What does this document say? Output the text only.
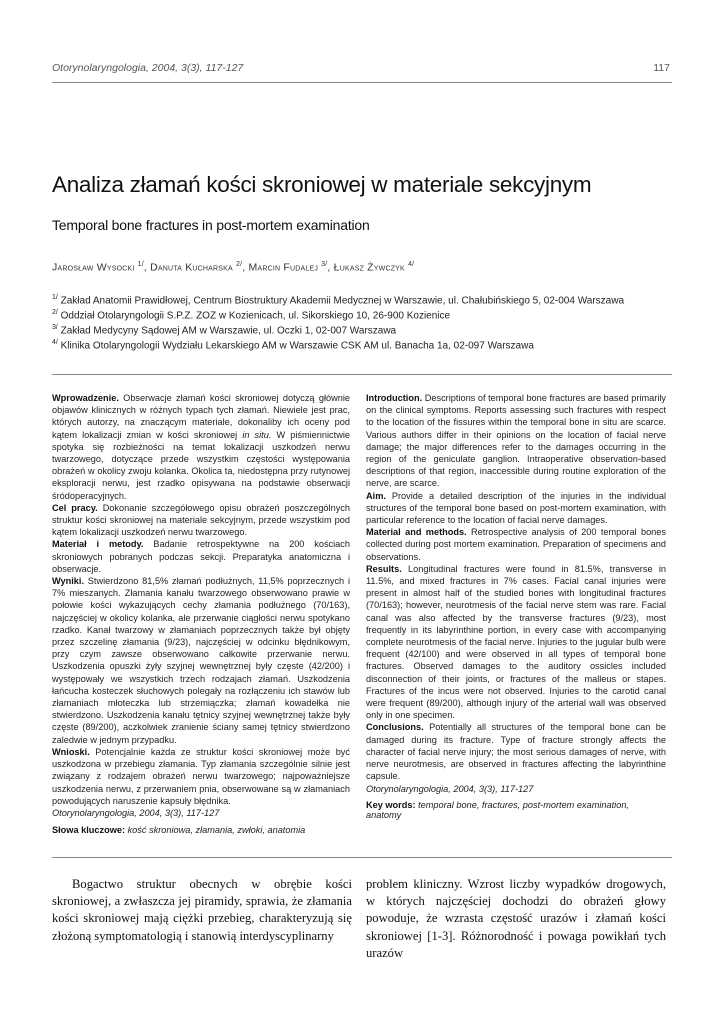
Otorynolaryngologia, 2004, 3(3), 117-127	117
Analiza złamań kości skroniowej w materiale sekcyjnym
Temporal bone fractures in post-mortem examination
Jarosław Wysocki $^{1/}$, Danuta Kucharska $^{2/}$, Marcin Fudalej $^{3/}$, Łukasz Żywczyk $^{4/}$
$^{1/}$ Zakład Anatomii Prawidłowej, Centrum Biostruktury Akademii Medycznej w Warszawie, ul. Chałubińskiego 5, 02-004 Warszawa
$^{2/}$ Oddział Otolaryngologii S.P.Z. ZOZ w Kozienicach, ul. Sikorskiego 10, 26-900 Kozienice
$^{3/}$ Zakład Medycyny Sądowej AM w Warszawie, ul. Oczki 1, 02-007 Warszawa
$^{4/}$ Klinika Otolaryngologii Wydziału Lekarskiego AM w Warszawie CSK AM ul. Banacha 1a, 02-097 Warszawa

Wprowadzenie. Obserwacje złamań kości skroniowej dotyczą głównie objawów klinicznych w różnych typach tych złamań. Niewiele jest prac, których autorzy, na znaczącym materiale, dokonaliby ich oceny pod kątem lokalizacji zmian w kości skroniowej in situ. W piśmiennictwie spotyka się rozbieżności na temat lokalizacji uszkodzeń nerwu twarzowego, dotyczące przede wszystkim częstości występowania obrażeń w okolicy zwoju kolanka. Okolica ta, niedostępna przy rutynowej eksploracji nerwu, jest rzadko opisywana na podstawie obserwacji śródoperacyjnych.

Cel pracy. Dokonanie szczegółowego opisu obrażeń poszczególnych struktur kości skroniowej na materiale sekcyjnym, przede wszystkim pod kątem lokalizacji uszkodzeń nerwu twarzowego.

Materiał i metody. Badanie retrospektywne na 200 kościach skroniowych pobranych podczas sekcji. Preparatyka anatomiczna i obserwacje.

Wyniki. Stwierdzono 81,5% złamań podłużnych, 11,5% poprzecznych i 7% mieszanych. Złamania kanału twarzowego obserwowano prawie w połowie kości wykazujących cechy złamania podłużnego (70/163), najczęściej w okolicy kolanka, ale przerwanie ciągłości nerwu spotykano rzadko. Kanał twarzowy w złamaniach poprzecznych także był objęty przez szczelinę złamania (9/23), najczęściej w odcinku błędnikowym, przy czym zawsze obserwowano całkowite przerwanie nerwu. Uszkodzenia opuszki żyły szyjnej wewnętrznej były częste (42/200) i występowały we wszystkich trzech rodzajach złamań. Uszkodzenia łańcucha kosteczek słuchowych polegały na rozłączeniu ich stawów lub złamaniach młoteczka lub strzemiączka; złamań kowadełka nie stwierdzono. Uszkodzenia kanału tętnicy szyjnej wewnętrznej także były częste (89/200), aczkolwiek zranienie ściany samej tętnicy stwierdzono zaledwie w jednym przypadku.

Wnioski. Potencjalnie każda ze struktur kości skroniowej może być uszkodzona w przebiegu złamania. Typ złamania szczególnie silnie jest związany z rodzajem obrażeń nerwu twarzowego; najpoważniejsze uszkodzenia nerwu, z przerwaniem pnia, obserwowane są w złamaniach powodujących naruszenie kapsuły błędnika.

Otorynolaryngologia, 2004, 3(3), 117-127

Słowa kluczowe: kość skroniowa, złamania, zwłoki, anatomia

Introduction. Descriptions of temporal bone fractures are based primarily on the clinical symptoms. Reports assessing such fractures with respect to the location of the fissures within the temporal bone in situ are scarce. Various authors differ in their opinions on the location of facial nerve damage; the major differences refer to the damages occurring in the region of the geniculate ganglion. Intraoperative observation-based descriptions of that region, inaccessible during routine exploration of the nerve, are scarce.

Aim. Provide a detailed description of the injuries in the individual structures of the temporal bone based on post-mortem examination, with particular reference to the location of facial nerve damages.

Material and methods. Retrospective analysis of 200 temporal bones collected during post mortem examination. Preparation of specimens and observations.

Results. Longitudinal fractures were found in 81.5%, transverse in 11.5%, and mixed fractures in 7% cases. Facial canal injuries were present in almost half of the studied bones with longitudinal fractures (70/163); however, neurotmesis of the facial nerve stem was rare. Facial canal was also affected by the transverse fractures (9/23), most frequently in its labyrinthine portion, in every case with accompanying complete neurotmesis of the facial nerve. Injuries to the jugular bulb were frequent (42/100) and were observed in all types of temporal bone fractures. Observed damages to the auditory ossicles included disconnection of their joints, or fractures of the malleus or stapes. Fractures of the incus were not observed. Injuries to the carotid canal were frequent (89/200), although injury of the arterial wall was observed only in one specimen.

Conclusions. Potentially all structures of the temporal bone can be damaged during its fracture. Type of fracture strongly affects the character of facial nerve injury; the most serious damages of nerve, with nerve neurotmesis, are observed in fractures affecting the labyrinthine capsule.

Otorynolaryngologia, 2004, 3(3), 117-127

Key words: temporal bone, fractures, post-mortem examination, anatomy

Bogactwo struktur obecnych w obrębie kości skroniowej, a zwłaszcza jej piramidy, sprawia, że złamania kości skroniowej mają ciężki przebieg, charakteryzują się złożoną symptomatologią i stanowią interdyscyplinarny

problem kliniczny. Wzrost liczby wypadków drogowych, w których najczęściej dochodzi do obrażeń głowy powoduje, że wzrasta częstość urazów i złamań kości skroniowej [1-3]. Różnorodność i powaga powikłań tych urazów
